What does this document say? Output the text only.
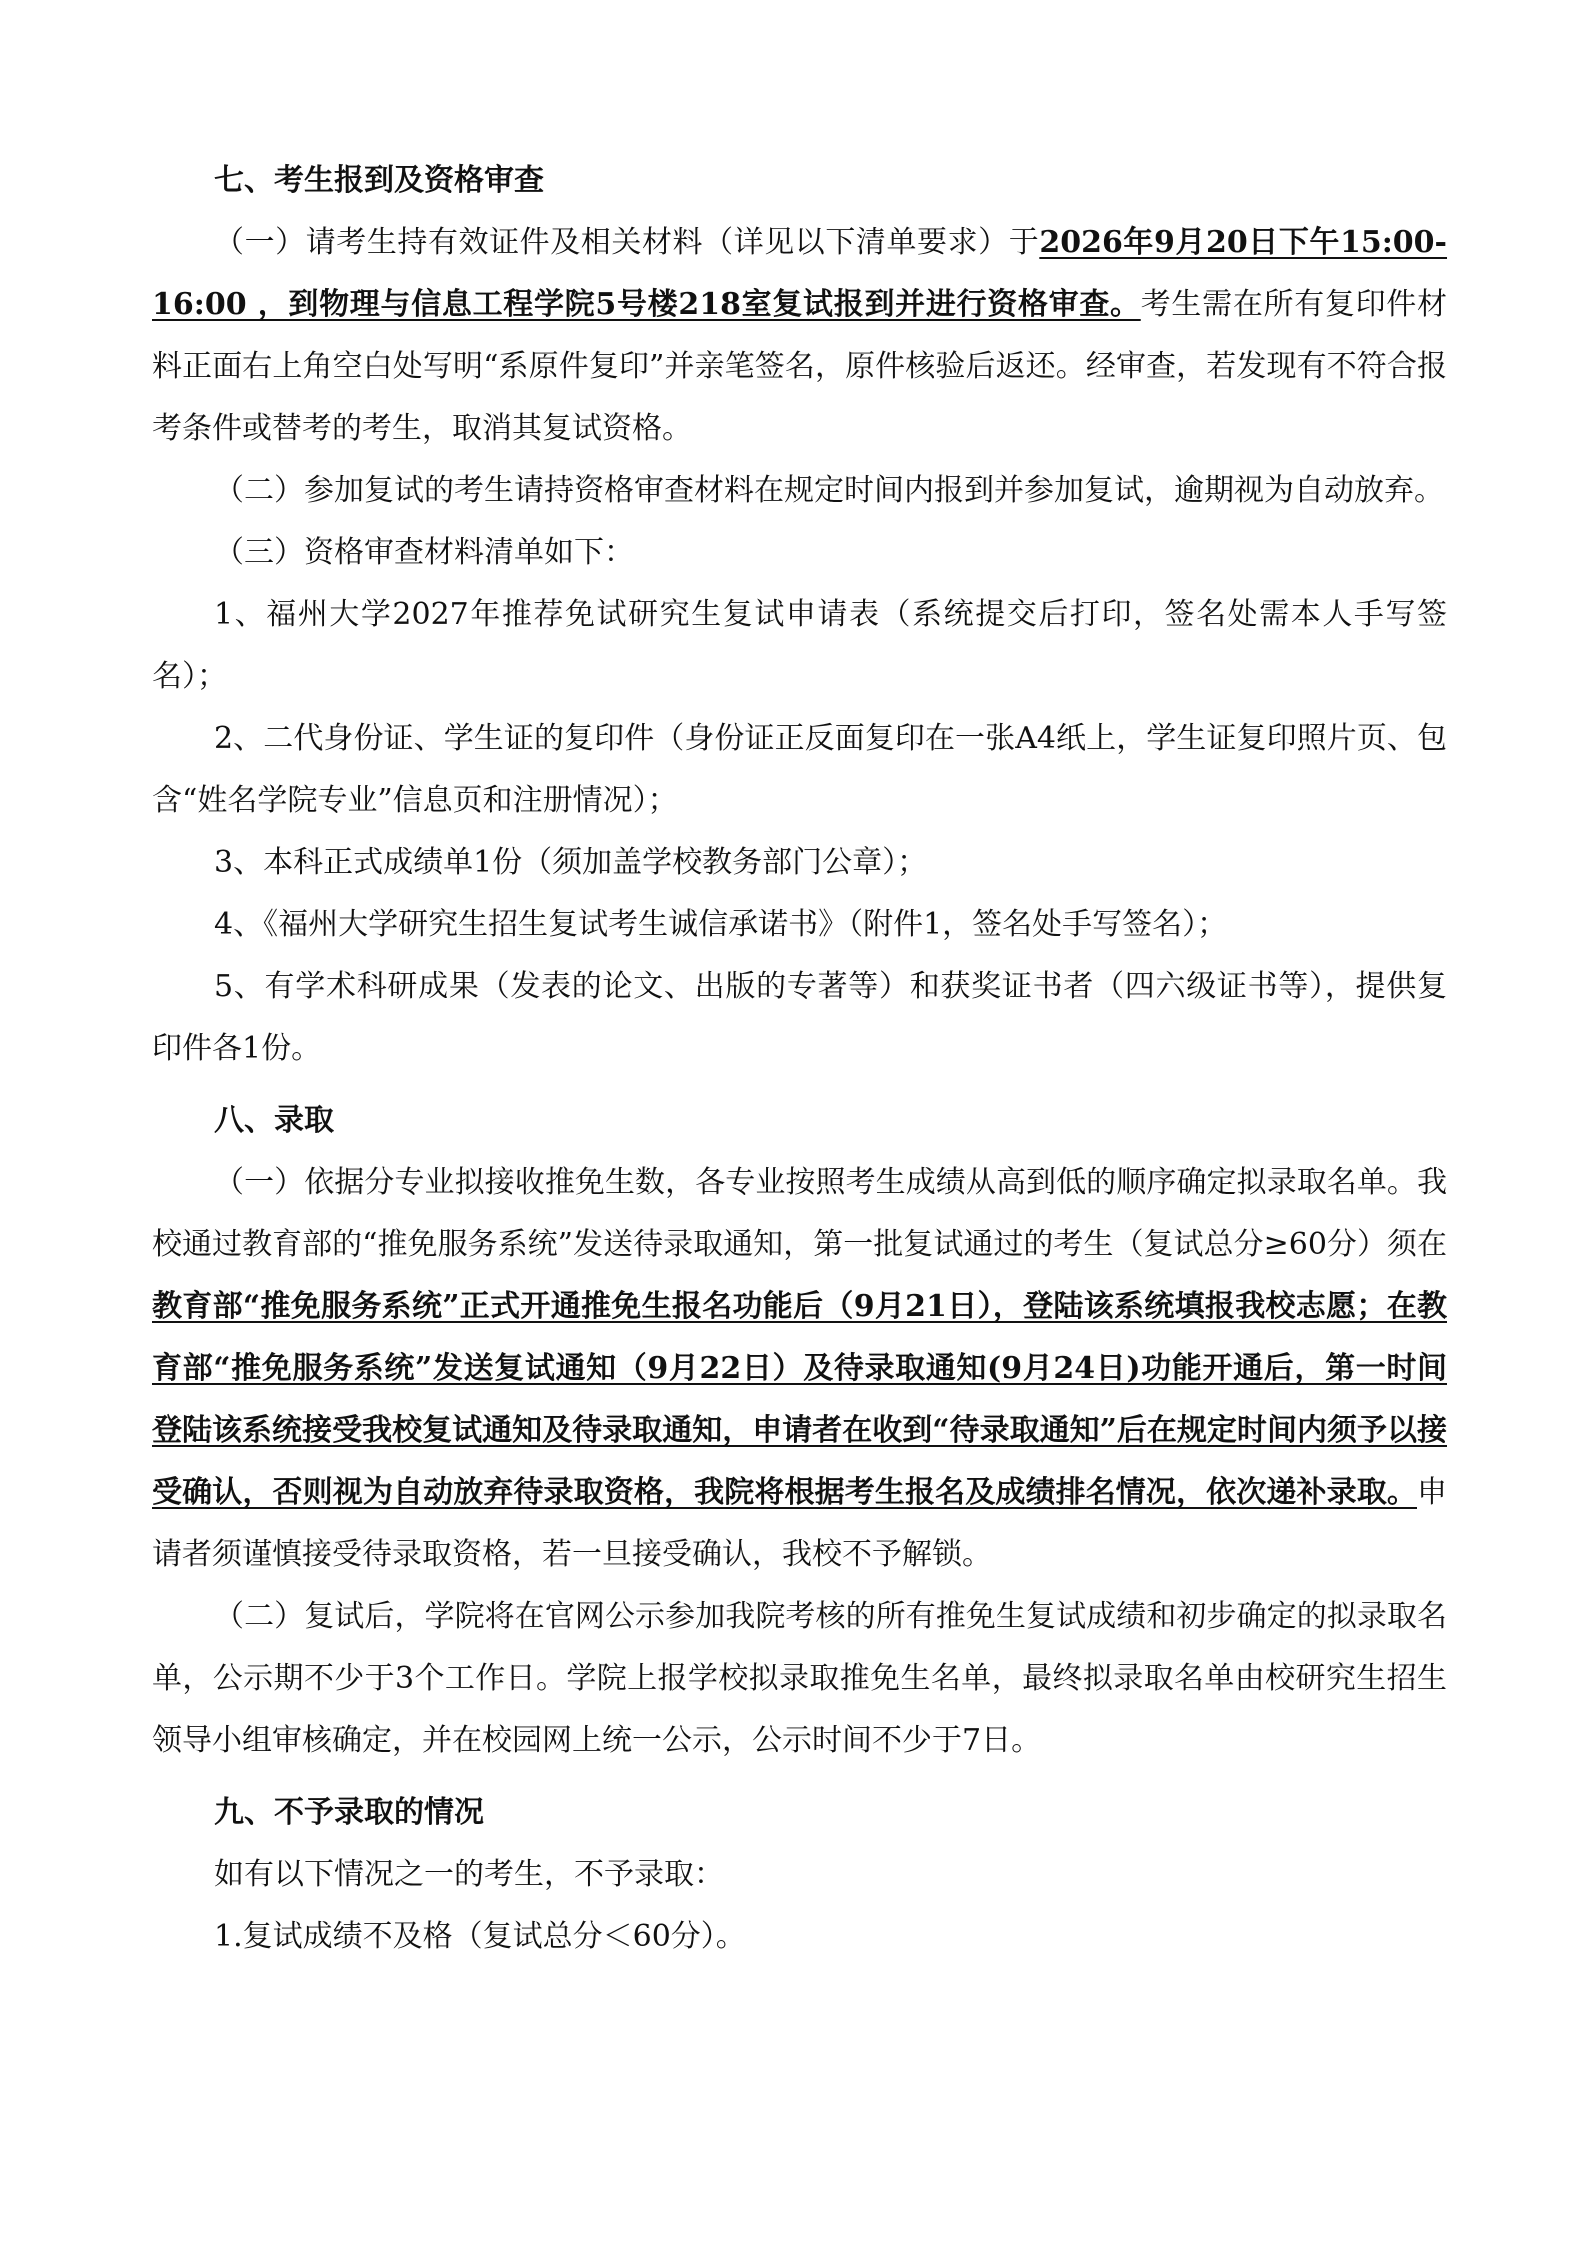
七、考生报到及资格审查

（一）请考生持有效证件及相关材料（详见以下清单要求）于2026年9月20日下午15:00-16:00 ，到物理与信息工程学院5号楼218室复试报到并进行资格审查。考生需在所有复印件材料正面右上角空白处写明“系原件复印”并亲笔签名，原件核验后返还。经审查，若发现有不符合报考条件或替考的考生，取消其复试资格。

（二）参加复试的考生请持资格审查材料在规定时间内报到并参加复试，逾期视为自动放弃。

（三）资格审查材料清单如下：

1、福州大学2027年推荐免试研究生复试申请表（系统提交后打印，签名处需本人手写签名）；

2、二代身份证、学生证的复印件（身份证正反面复印在一张A4纸上，学生证复印照片页、包含“姓名学院专业”信息页和注册情况）；

3、本科正式成绩单1份（须加盖学校教务部门公章）；

4、《福州大学研究生招生复试考生诚信承诺书》（附件1，签名处手写签名）；

5、有学术科研成果（发表的论文、出版的专著等）和获奖证书者（四六级证书等），提供复印件各1份。

八、录取

（一）依据分专业拟接收推免生数，各专业按照考生成绩从高到低的顺序确定拟录取名单。我校通过教育部的“推免服务系统”发送待录取通知，第一批复试通过的考生（复试总分≥60分）须在教育部“推免服务系统”正式开通推免生报名功能后（9月21日），登陆该系统填报我校志愿；在教育部“推免服务系统”发送复试通知（9月22日）及待录取通知(9月24日)功能开通后，第一时间登陆该系统接受我校复试通知及待录取通知，申请者在收到“待录取通知”后在规定时间内须予以接受确认，否则视为自动放弃待录取资格，我院将根据考生报名及成绩排名情况，依次递补录取。申请者须谨慎接受待录取资格，若一旦接受确认，我校不予解锁。

（二）复试后，学院将在官网公示参加我院考核的所有推免生复试成绩和初步确定的拟录取名单，公示期不少于3个工作日。学院上报学校拟录取推免生名单，最终拟录取名单由校研究生招生领导小组审核确定，并在校园网上统一公示，公示时间不少于7日。

九、不予录取的情况

如有以下情况之一的考生，不予录取：

1.复试成绩不及格（复试总分＜60分）。
